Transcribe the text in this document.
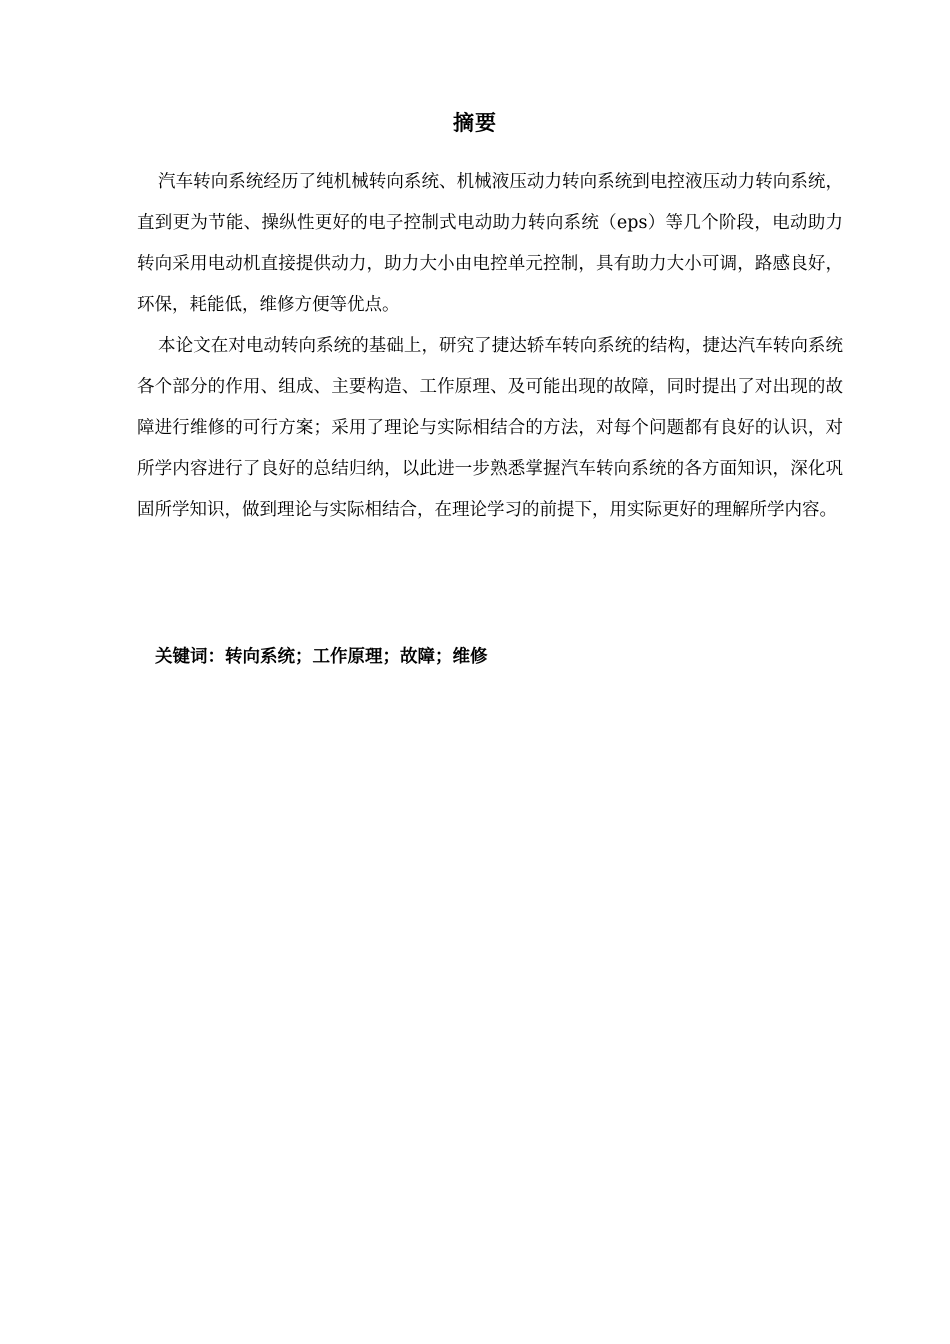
摘要

汽车转向系统经历了纯机械转向系统、机械液压动力转向系统到电控液压动力转向系统，直到更为节能、操纵性更好的电子控制式电动助力转向系统（eps）等几个阶段，电动助力转向采用电动机直接提供动力，助力大小由电控单元控制，具有助力大小可调，路感良好，环保，耗能低，维修方便等优点。

本论文在对电动转向系统的基础上，研究了捷达轿车转向系统的结构，捷达汽车转向系统各个部分的作用、组成、主要构造、工作原理、及可能出现的故障，同时提出了对出现的故障进行维修的可行方案；采用了理论与实际相结合的方法，对每个问题都有良好的认识，对所学内容进行了良好的总结归纳，以此进一步熟悉掌握汽车转向系统的各方面知识，深化巩固所学知识，做到理论与实际相结合，在理论学习的前提下，用实际更好的理解所学内容。

关键词：转向系统；工作原理；故障；维修
